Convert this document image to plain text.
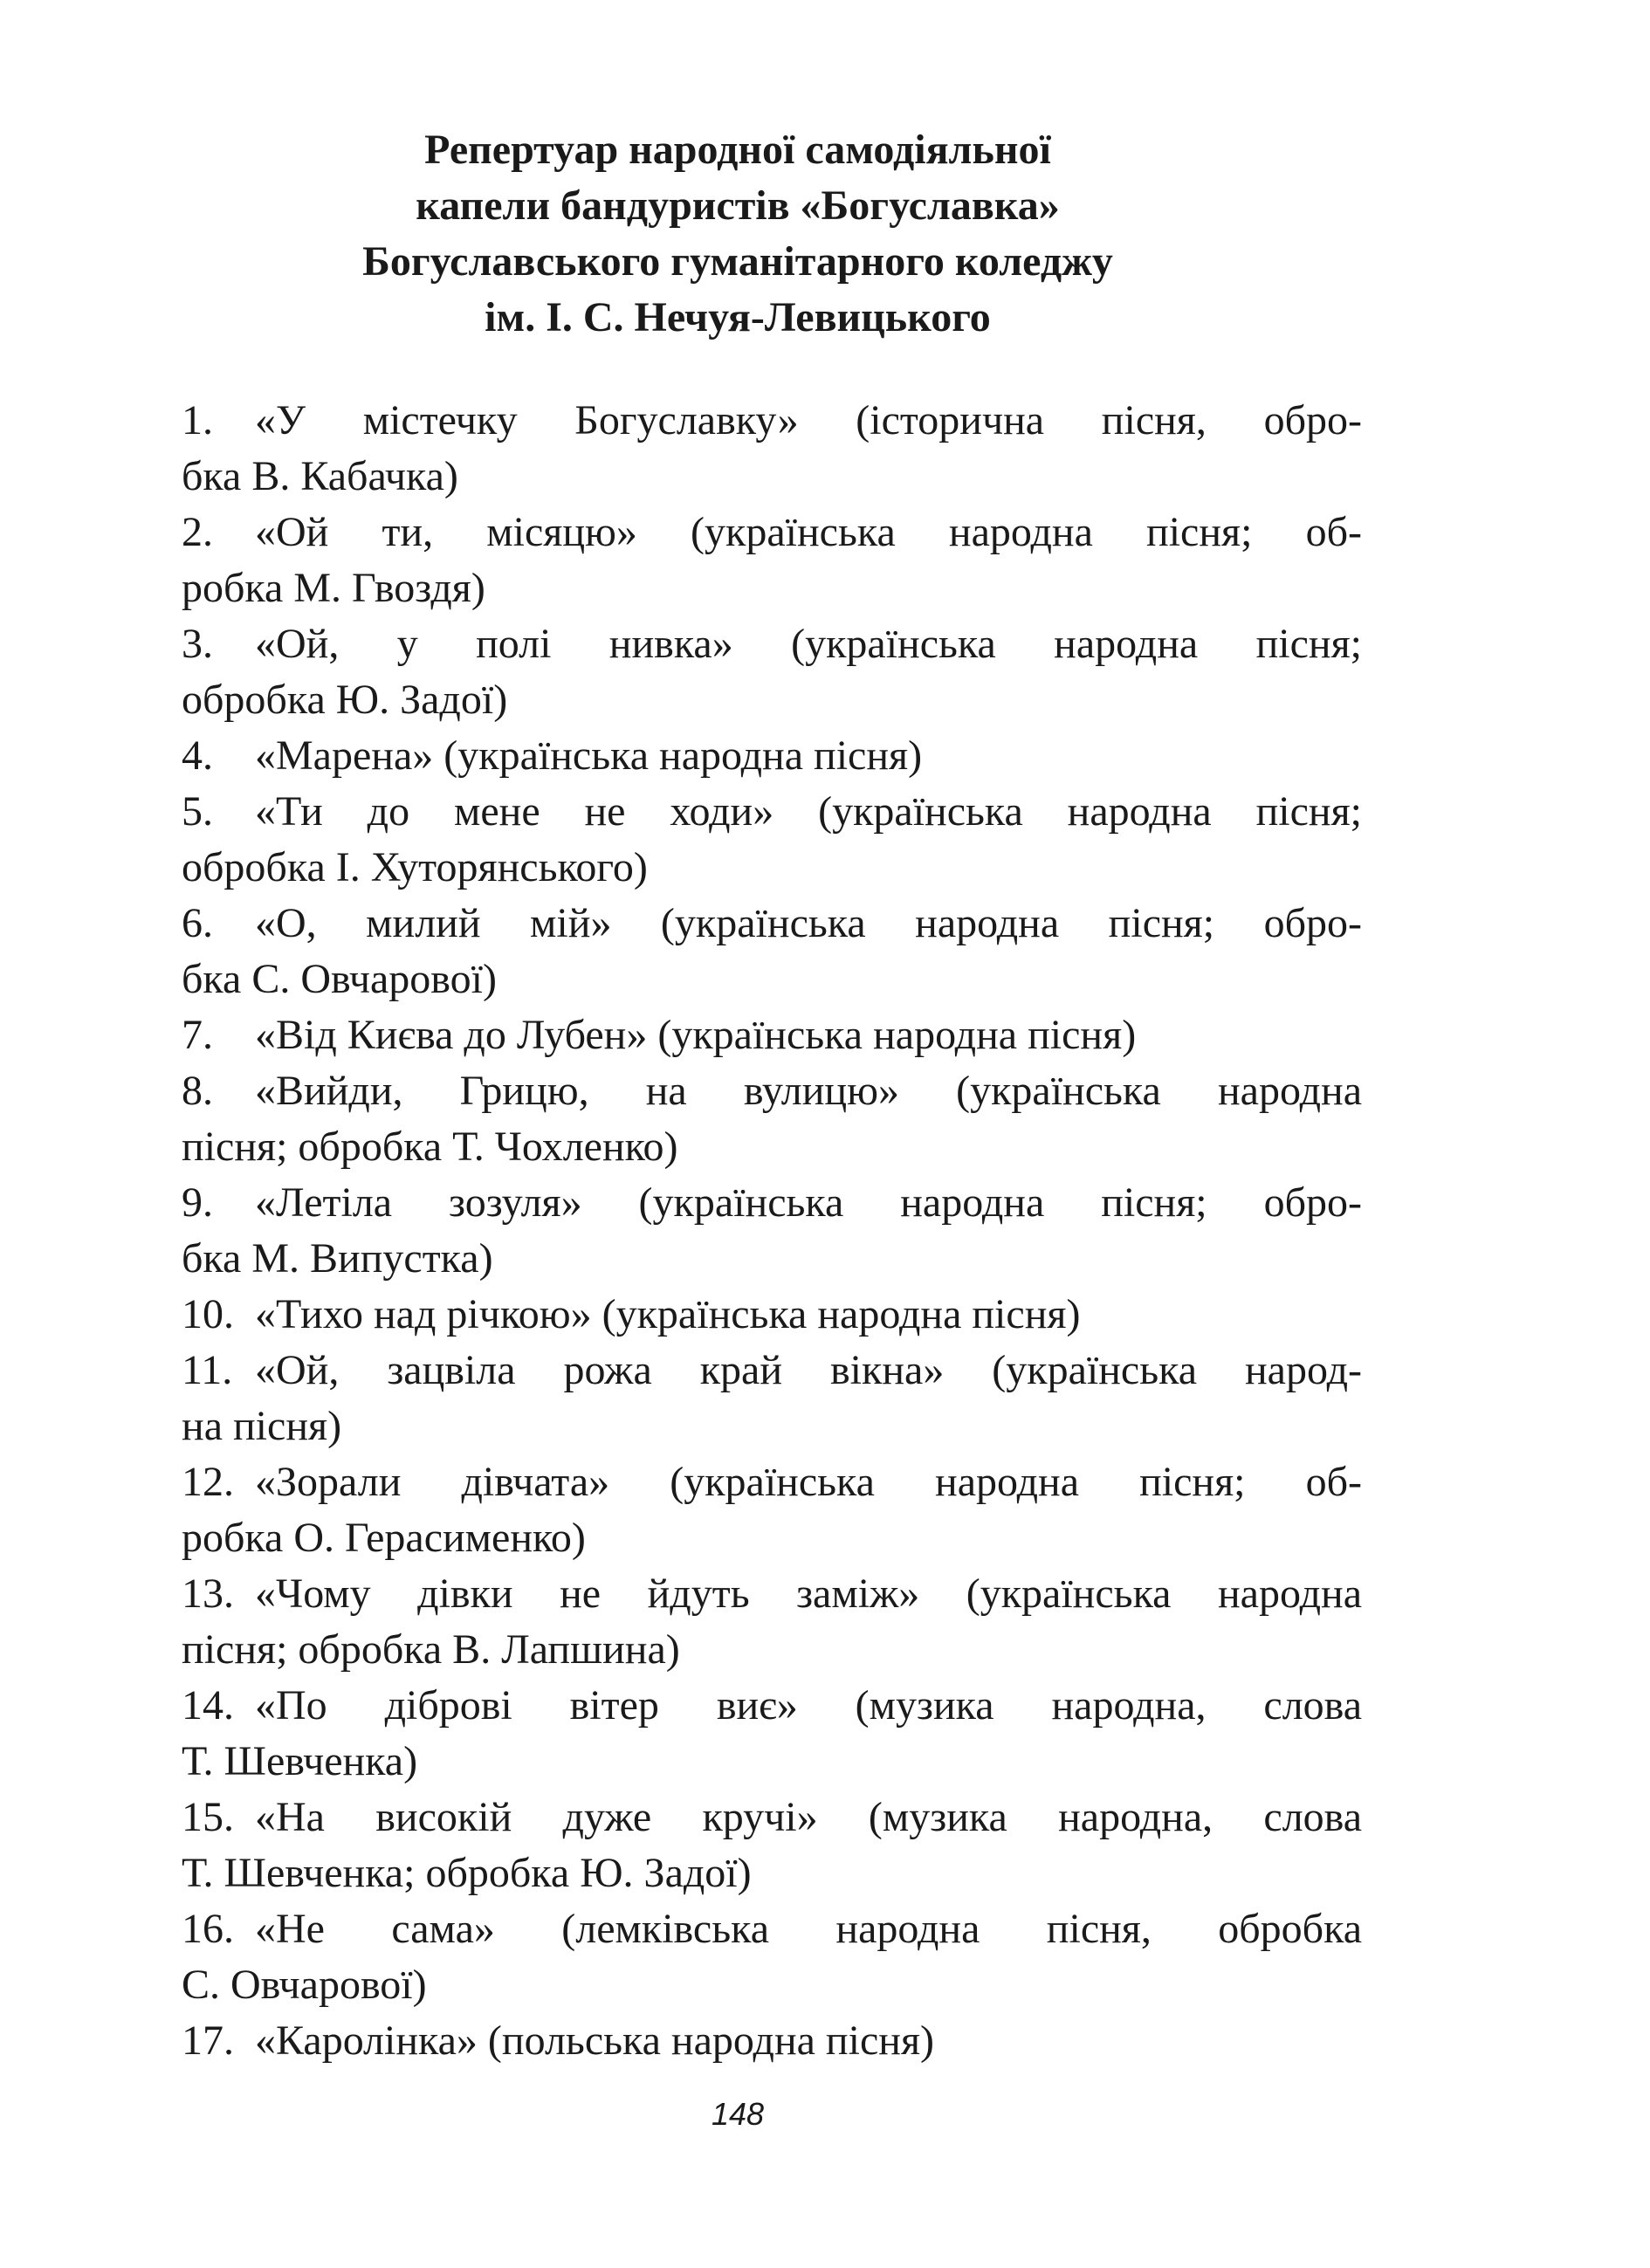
Репертуар народної самодіяльної
капели бандуристів «Богуславка»
Богуславського гуманітарного коледжу
ім. І. С. Нечуя-Левицького
1. «У містечку Богуславку» (історична пісня, обро-
бка В. Кабачка)
2. «Ой ти, місяцю» (українська народна пісня; об-
робка М. Гвоздя)
3. «Ой, у полі нивка» (українська народна пісня;
обробка Ю. Задої)
4. «Марена» (українська народна пісня)
5. «Ти до мене не ходи» (українська народна пісня;
обробка І. Хуторянського)
6. «О, милий мій» (українська народна пісня; обро-
бка С. Овчарової)
7. «Від Києва до Лубен» (українська народна пісня)
8. «Вийди, Грицю, на вулицю» (українська народна
пісня; обробка Т. Чохленко)
9. «Летіла зозуля» (українська народна пісня; обро-
бка М. Випустка)
10. «Тихо над річкою» (українська народна пісня)
11. «Ой, зацвіла рожа край вікна» (українська народ-
на пісня)
12. «Зорали дівчата» (українська народна пісня; об-
робка О. Герасименко)
13. «Чому дівки не йдуть заміж» (українська народна
пісня; обробка В. Лапшина)
14. «По діброві вітер виє» (музика народна, слова
Т. Шевченка)
15. «На високій дуже кручі» (музика народна, слова
Т. Шевченка; обробка Ю. Задої)
16. «Не сама» (лемківська народна пісня, обробка
С. Овчарової)
17. «Каролінка» (польська народна пісня)
148
